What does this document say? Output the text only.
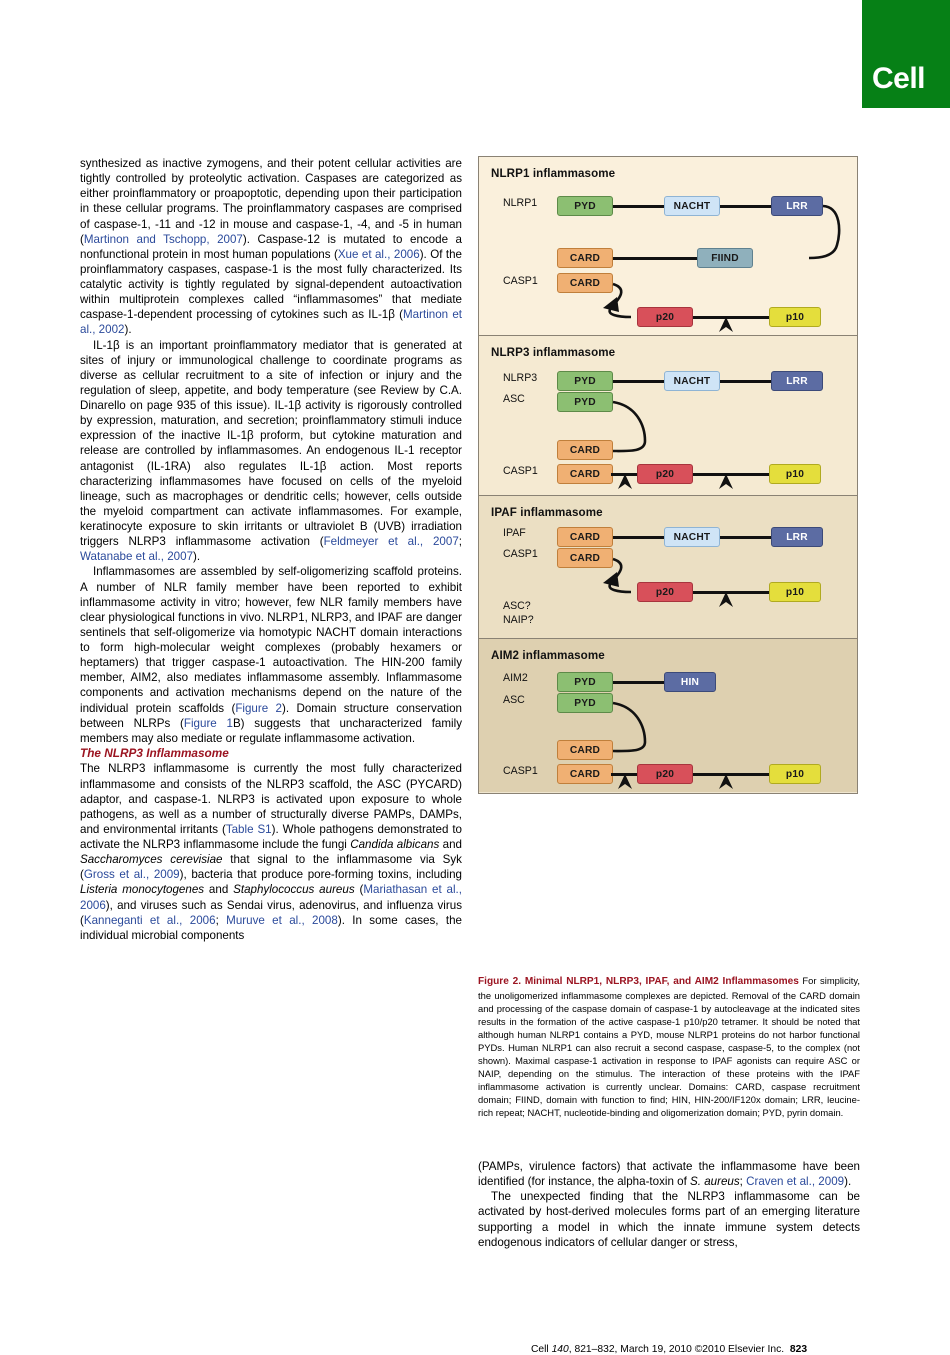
Cell

synthesized as inactive zymogens, and their potent cellular activities are tightly controlled by proteolytic activation. Caspases are categorized as either proinflammatory or proapoptotic, depending upon their participation in these cellular programs. The proinflammatory caspases are comprised of caspase-1, -11 and -12 in mouse and caspase-1, -4, and -5 in human (Martinon and Tschopp, 2007). Caspase-12 is mutated to encode a nonfunctional protein in most human populations (Xue et al., 2006). Of the proinflammatory caspases, caspase-1 is the most fully characterized. Its catalytic activity is tightly regulated by signal-dependent autoactivation within multiprotein complexes called “inflammasomes” that mediate caspase-1-dependent processing of cytokines such as IL-1β (Martinon et al., 2002).

IL-1β is an important proinflammatory mediator that is generated at sites of injury or immunological challenge to coordinate programs as diverse as cellular recruitment to a site of infection or injury and the regulation of sleep, appetite, and body temperature (see Review by C.A. Dinarello on page 935 of this issue). IL-1β activity is rigorously controlled by expression, maturation, and secretion; proinflammatory stimuli induce expression of the inactive IL-1β proform, but cytokine maturation and release are controlled by inflammasomes. An endogenous IL-1 receptor antagonist (IL-1RA) also regulates IL-1β action. Most reports characterizing inflammasomes have focused on cells of the myeloid lineage, such as macrophages or dendritic cells; however, cells outside the myeloid compartment can activate inflammasomes. For example, keratinocyte exposure to skin irritants or ultraviolet B (UVB) irradiation triggers NLRP3 inflammasome activation (Feldmeyer et al., 2007; Watanabe et al., 2007).

Inflammasomes are assembled by self-oligomerizing scaffold proteins. A number of NLR family member have been reported to exhibit inflammasome activity in vitro; however, few NLR family members have clear physiological functions in vivo. NLRP1, NLRP3, and IPAF are danger sentinels that self-oligomerize via homotypic NACHT domain interactions to form high-molecular weight complexes (probably hexamers or heptamers) that trigger caspase-1 autoactivation. The HIN-200 family member, AIM2, also mediates inflammasome assembly. Inflammasome components and activation mechanisms depend on the nature of the individual protein scaffolds (Figure 2). Domain structure conservation between NLRPs (Figure 1B) suggests that uncharacterized family members may also mediate or regulate inflammasome activation.

The NLRP3 Inflammasome

The NLRP3 inflammasome is currently the most fully characterized inflammasome and consists of the NLRP3 scaffold, the ASC (PYCARD) adaptor, and caspase-1. NLRP3 is activated upon exposure to whole pathogens, as well as a number of structurally diverse PAMPs, DAMPs, and environmental irritants (Table S1). Whole pathogens demonstrated to activate the NLRP3 inflammasome include the fungi Candida albicans and Saccharomyces cerevisiae that signal to the inflammasome via Syk (Gross et al., 2009), bacteria that produce pore-forming toxins, including Listeria monocytogenes and Staphylococcus aureus (Mariathasan et al., 2006), and viruses such as Sendai virus, adenovirus, and influenza virus (Kanneganti et al., 2006; Muruve et al., 2008). In some cases, the individual microbial components

NLRP1 inflammasome
NLRP1
CASP1
PYD	NACHT	LRR
CARD	FIIND
CARD
p20	p10
NLRP3 inflammasome
NLRP3
ASC
CASP1
PYD	NACHT	LRR
PYD
CARD
CARD	p20	p10
IPAF inflammasome
IPAF
CASP1
ASC?
NAIP?
CARD	NACHT	LRR
CARD
p20	p10
AIM2 inflammasome
AIM2
ASC
CASP1
PYD	HIN
PYD
CARD
CARD	p20	p10
Figure 2. Minimal NLRP1, NLRP3, IPAF, and AIM2 Inflammasomes For simplicity, the unoligomerized inflammasome complexes are depicted. Removal of the CARD domain and processing of the caspase domain of caspase-1 by autocleavage at the indicated sites results in the formation of the active caspase-1 p10/p20 tetramer. It should be noted that although human NLRP1 contains a PYD, mouse NLRP1 proteins do not harbor functional PYDs. Human NLRP1 can also recruit a second caspase, caspase-5, to the complex (not shown). Maximal caspase-1 activation in response to IPAF agonists can require ASC or NAIP, depending on the stimulus. The interaction of these proteins with the IPAF inflammasome activation is currently unclear. Domains: CARD, caspase recruitment domain; FIIND, domain with function to find; HIN, HIN-200/IF120x domain; LRR, leucine-rich repeat; NACHT, nucleotide-binding and oligomerization domain; PYD, pyrin domain.

(PAMPs, virulence factors) that activate the inflammasome have been identified (for instance, the alpha-toxin of S. aureus; Craven et al., 2009).

The unexpected finding that the NLRP3 inflammasome can be activated by host-derived molecules forms part of an emerging literature supporting a model in which the innate immune system detects endogenous indicators of cellular danger or stress,

Cell 140, 821–832, March 19, 2010 ©2010 Elsevier Inc. 823
